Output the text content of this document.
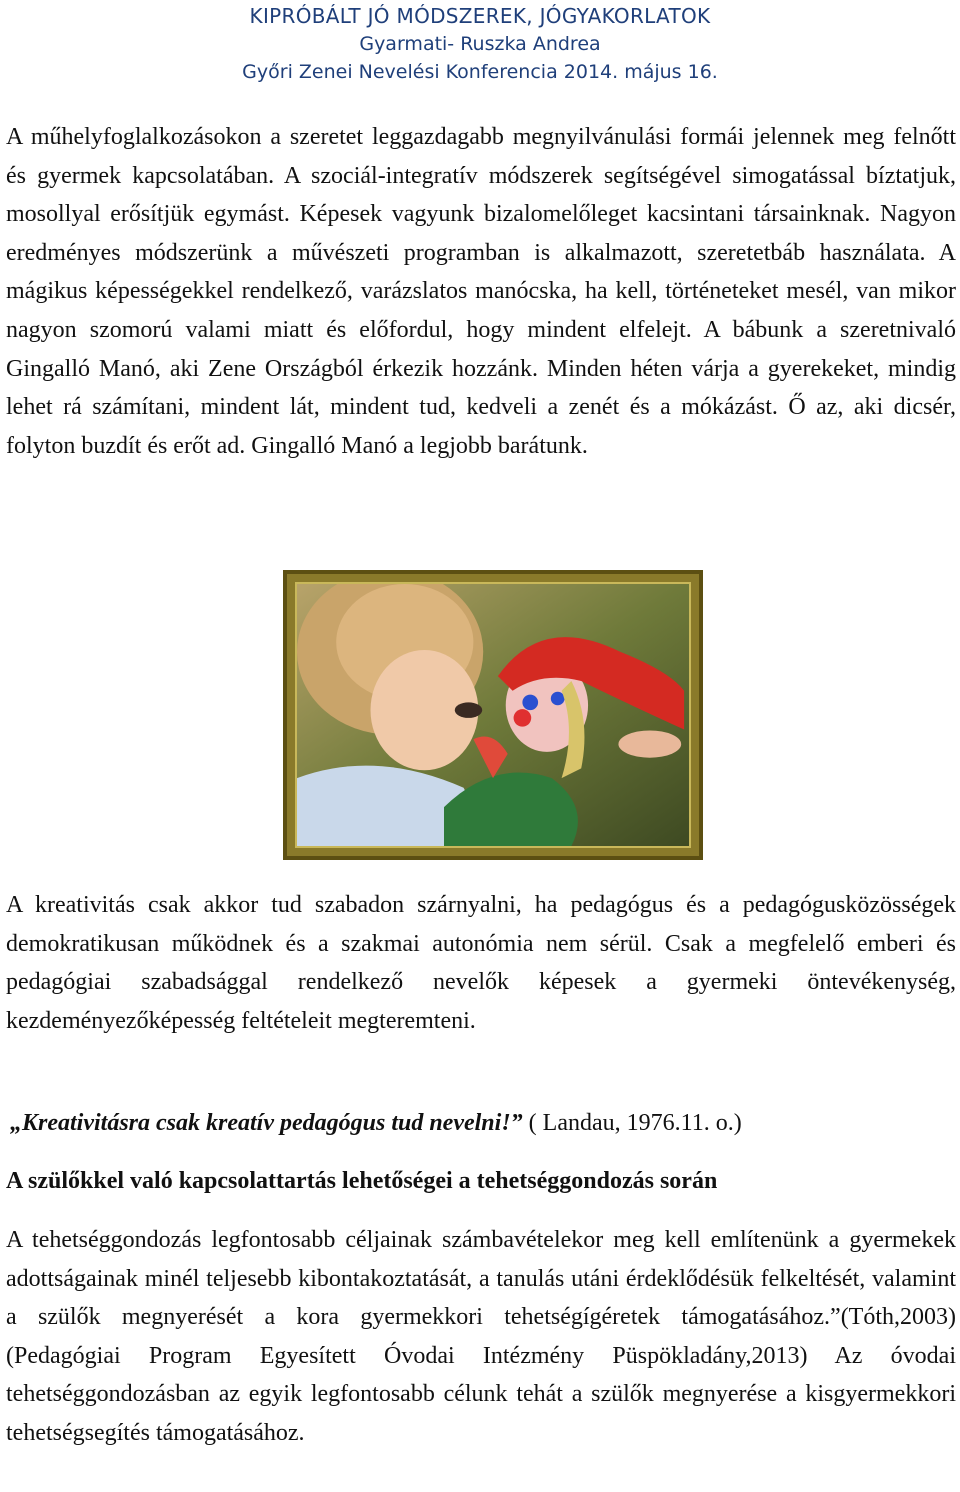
KIPRÓBÁLT JÓ MÓDSZEREK, JÓGYAKORLATOK
Gyarmati- Ruszka Andrea
Győri Zenei Nevelési Konferencia 2014. május 16.

A műhelyfoglalkozásokon a szeretet leggazdagabb megnyilvánulási formái jelennek meg felnőtt és gyermek kapcsolatában. A szociál-integratív módszerek segítségével simogatással bíztatjuk, mosollyal erősítjük egymást. Képesek vagyunk bizalomelőleget kacsintani társainknak. Nagyon eredményes módszerünk a művészeti programban is alkalmazott, szeretetbáb használata. A mágikus képességekkel rendelkező, varázslatos manócska, ha kell, történeteket mesél, van mikor nagyon szomorú valami miatt és előfordul, hogy mindent elfelejt. A bábunk a szeretnivaló Gingalló Manó, aki Zene Országból érkezik hozzánk. Minden héten várja a gyerekeket, mindig lehet rá számítani, mindent lát, mindent tud, kedveli a zenét és a mókázást. Ő az, aki dicsér, folyton buzdít és erőt ad. Gingalló Manó a legjobb barátunk.

A kreativitás csak akkor tud szabadon szárnyalni, ha pedagógus és a pedagógusközösségek demokratikusan működnek és a szakmai autonómia nem sérül. Csak a megfelelő emberi és pedagógiai szabadsággal rendelkező nevelők képesek a gyermeki öntevékenység, kezdeményezőképesség feltételeit megteremteni.

„Kreativitásra csak kreatív pedagógus tud nevelni!” ( Landau, 1976.11. o.)
A szülőkkel való kapcsolattartás lehetőségei a tehetséggondozás során

A tehetséggondozás legfontosabb céljainak számbavételekor meg kell említenünk a gyermekek adottságainak minél teljesebb kibontakoztatását, a tanulás utáni érdeklődésük felkeltését, valamint a szülők megnyerését a kora gyermekkori tehetségígéretek támogatásához.”(Tóth,2003)(Pedagógiai Program Egyesített Óvodai Intézmény Püspökladány,2013) Az óvodai tehetséggondozásban az egyik legfontosabb célunk tehát a szülők megnyerése a kisgyermekkori tehetségsegítés támogatásához.
